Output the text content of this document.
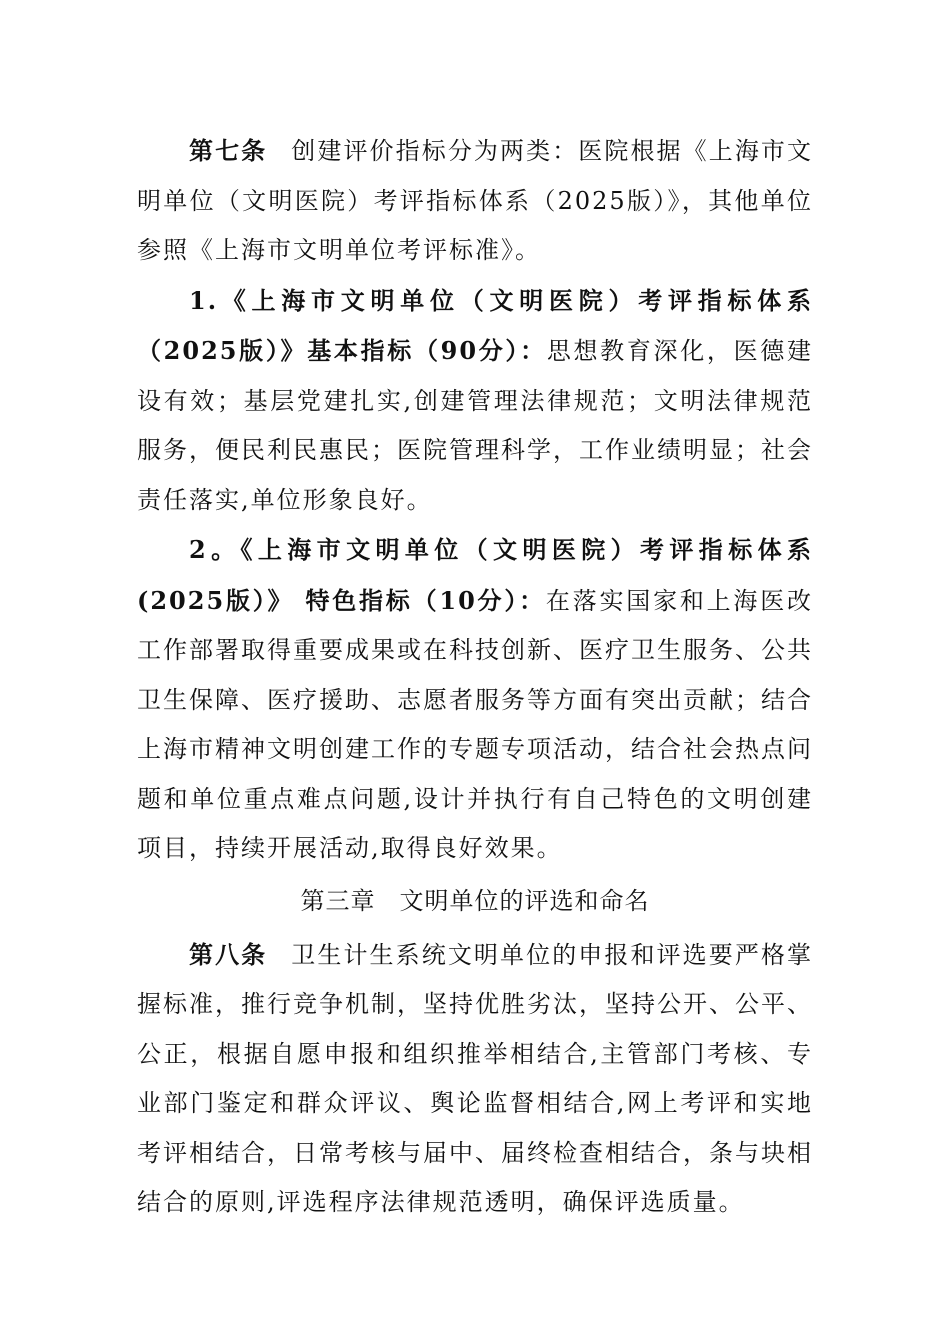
第七条 创建评价指标分为两类：医院根据《上海市文明单位（文明医院）考评指标体系（2025版）》，其他单位参照《上海市文明单位考评标准》。

1.《上海市文明单位（文明医院）考评指标体系（2025版）》基本指标（90分）：思想教育深化，医德建设有效；基层党建扎实,创建管理法律规范；文明法律规范服务，便民利民惠民；医院管理科学，工作业绩明显；社会责任落实,单位形象良好。

2。《上海市文明单位（文明医院）考评指标体系(2025版）》 特色指标（10分）：在落实国家和上海医改工作部署取得重要成果或在科技创新、医疗卫生服务、公共卫生保障、医疗援助、志愿者服务等方面有突出贡献；结合上海市精神文明创建工作的专题专项活动，结合社会热点问题和单位重点难点问题,设计并执行有自己特色的文明创建项目，持续开展活动,取得良好效果。

第三章 文明单位的评选和命名

第八条 卫生计生系统文明单位的申报和评选要严格掌握标准，推行竞争机制，坚持优胜劣汰，坚持公开、公平、公正，根据自愿申报和组织推举相结合,主管部门考核、专业部门鉴定和群众评议、舆论监督相结合,网上考评和实地考评相结合，日常考核与届中、届终检查相结合，条与块相结合的原则,评选程序法律规范透明，确保评选质量。
